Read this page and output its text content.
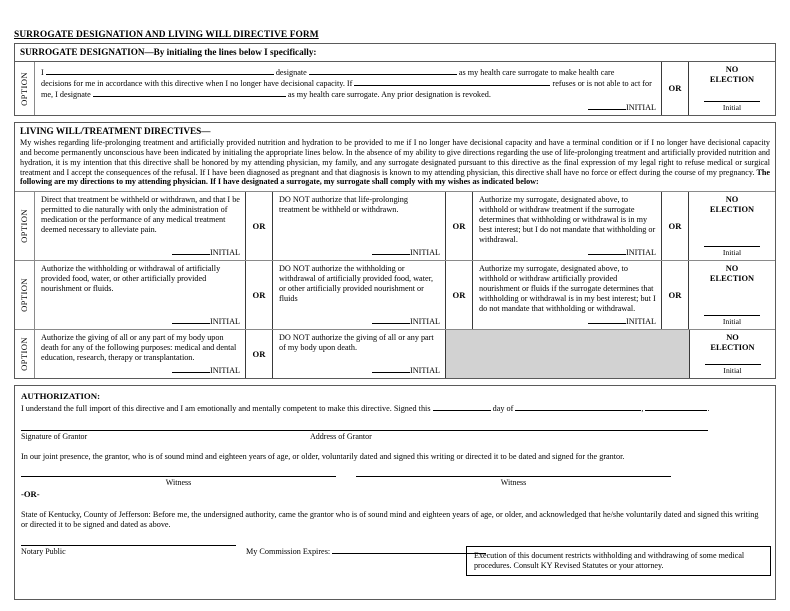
SURROGATE DESIGNATION AND LIVING WILL DIRECTIVE FORM
SURROGATE DESIGNATION—By initialing the lines below I specifically:
OPTION I	designate	as my health care surrogate to make health care
decisions for me in accordance with this directive when I no longer have decisional capacity. If	refuses or is not able to act for
me, I designate	as my health care surrogate. Any prior designation is revoked.
INITIAL
OR
NO
ELECTION
Initial
LIVING WILL/TREATMENT DIRECTIVES—
My wishes regarding life-prolonging treatment and artificially provided nutrition and hydration to be provided to me if I no longer have decisional capacity and have a terminal condition or if I no longer have decisional capacity and become permanently unconscious have been indicated by initialing the appropriate lines below. In the absence of my ability to give directions regarding the use of life-prolonging treatment and artificially provided nutrition and hydration, it is my intention that this directive shall be honored by my attending physician, my family, and any surrogate designated pursuant to this directive as the final expression of my legal right to refuse medical or surgical treatment and I accept the consequences of the refusal. If I have been diagnosed as pregnant and that diagnosis is known to my attending physician, this directive shall have no force or effect during the course of my pregnancy. The following are my directions to my attending physician. If I have designated a surrogate, my surrogate shall comply with my wishes as indicated below:
OPTION
Direct that treatment be withheld or withdrawn, and that I be permitted to die naturally with only the administration of medication or the performance of any medical treatment deemed necessary to alleviate pain.
INITIAL
OR
DO NOT authorize that life-prolonging treatment be withheld or withdrawn.
INITIAL
OR
Authorize my surrogate, designated above, to withhold or withdraw treatment if the surrogate determines that withholding or withdrawal is in my best interest; but I do not mandate that withholding or withdrawal.
INITIAL
OR
NO
ELECTION
Initial
OPTION
Authorize the withholding or withdrawal of artificially provided food, water, or other artificially provided nourishment or fluids.
INITIAL
OR
DO NOT authorize the withholding or withdrawal of artificially provided food, water, or other artificially provided nourishment or fluids
INITIAL
OR
Authorize my surrogate, designated above, to withhold or withdraw artificially provided nourishment or fluids if the surrogate determines that withholding or withdrawal is in my best interest; but I do not mandate that withholding or withdrawal.
INITIAL
OR
NO
ELECTION
Initial
OPTION Authorize the giving of all or any part of my body upon death for any of the following purposes: medical and dental education, research, therapy or transplantation.
INITIAL
OR
DO NOT authorize the giving of all or any part of my body upon death.
INITIAL
NO
ELECTION
Initial
AUTHORIZATION:
I understand the full import of this directive and I am emotionally and mentally competent to make this directive. Signed this	day of	,	.
Signature of Grantor	Address of Grantor
In our joint presence, the grantor, who is of sound mind and eighteen years of age, or older, voluntarily dated and signed this writing or directed it to be dated and signed for the grantor.
Witness	Witness
-OR-
State of Kentucky, County of Jefferson: Before me, the undersigned authority, came the grantor who is of sound mind and eighteen years of age, or older, and acknowledged that he/she voluntarily dated and signed this writing or directed it to be signed and dated as above.
Notary Public	My Commission Expires:	Execution of this document restricts withholding and withdrawing of some medical procedures. Consult KY Revised Statutes or your attorney.
